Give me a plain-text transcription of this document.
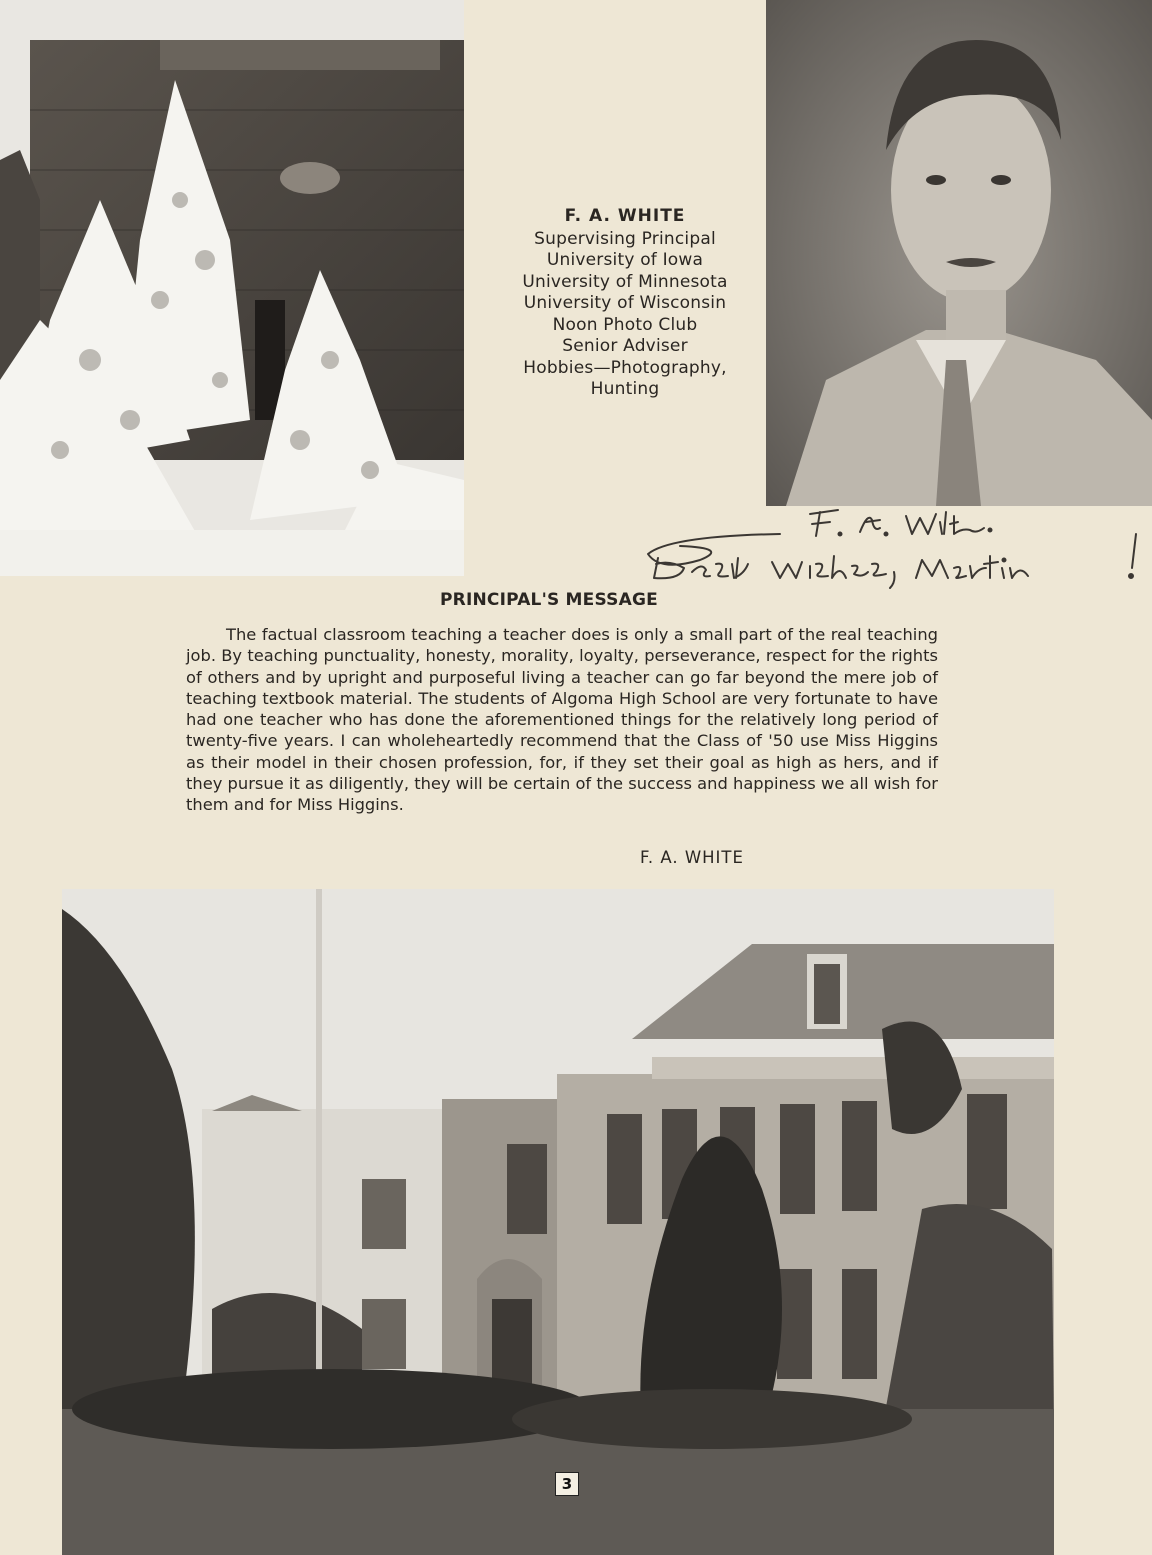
F. A. WHITE
Supervising Principal
University of Iowa
University of Minnesota
University of Wisconsin
Noon Photo Club
Senior Adviser
Hobbies—Photography,
Hunting
PRINCIPAL'S MESSAGE
The factual classroom teaching a teacher does is only a small part of the real teaching job. By teaching punctuality, honesty, morality, loyalty, perseverance, respect for the rights of others and by upright and purposeful living a teacher can go far beyond the mere job of teaching textbook material. The students of Algoma High School are very fortunate to have had one teacher who has done the aforementioned things for the relatively long period of twenty-five years. I can wholeheartedly recommend that the Class of '50 use Miss Higgins as their model in their chosen profession, for, if they set their goal as high as hers, and if they pursue it as diligently, they will be certain of the success and happiness we all wish for them and for Miss Higgins.
F. A. WHITE
3
